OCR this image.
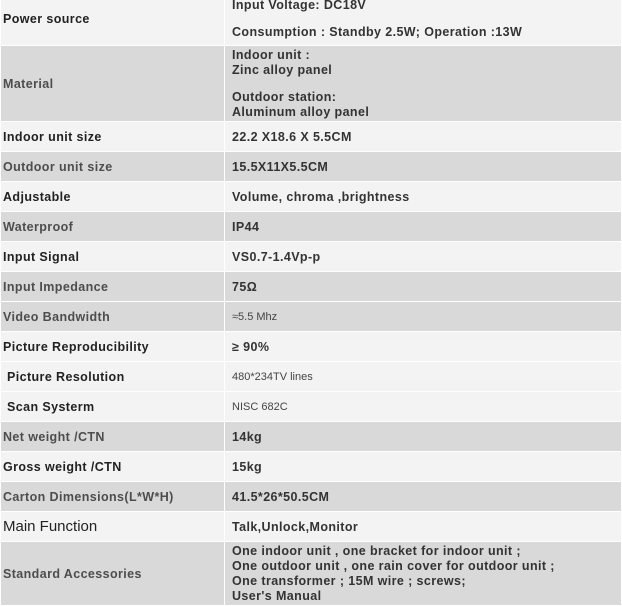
Power source	Input Voltage: DC18V
Consumption : Standby 2.5W; Operation :13W

Material	Indoor unit :
Zinc alloy panel
Outdoor station:
Aluminum alloy panel

Indoor unit size	22.2 X18.6 X 5.5CM
Outdoor unit size	15.5X11X5.5CM
Adjustable	Volume, chroma ,brightness
Waterproof	IP44
Input Signal	VS0.7-1.4Vp-p
Input Impedance	75Ω
Video Bandwidth	≈5.5 Mhz
Picture Reproducibility	≥ 90%
Picture Resolution	480*234TV lines
Scan Systerm	NISC 682C
Net weight /CTN	14kg
Gross weight /CTN	15kg
Carton Dimensions(L*W*H)	41.5*26*50.5CM
Main Function	Talk,Unlock,Monitor
Standard Accessories	One indoor unit , one bracket for indoor unit ;
One outdoor unit , one rain cover for outdoor unit ;
One transformer ; 15M wire ; screws;
User's Manual
